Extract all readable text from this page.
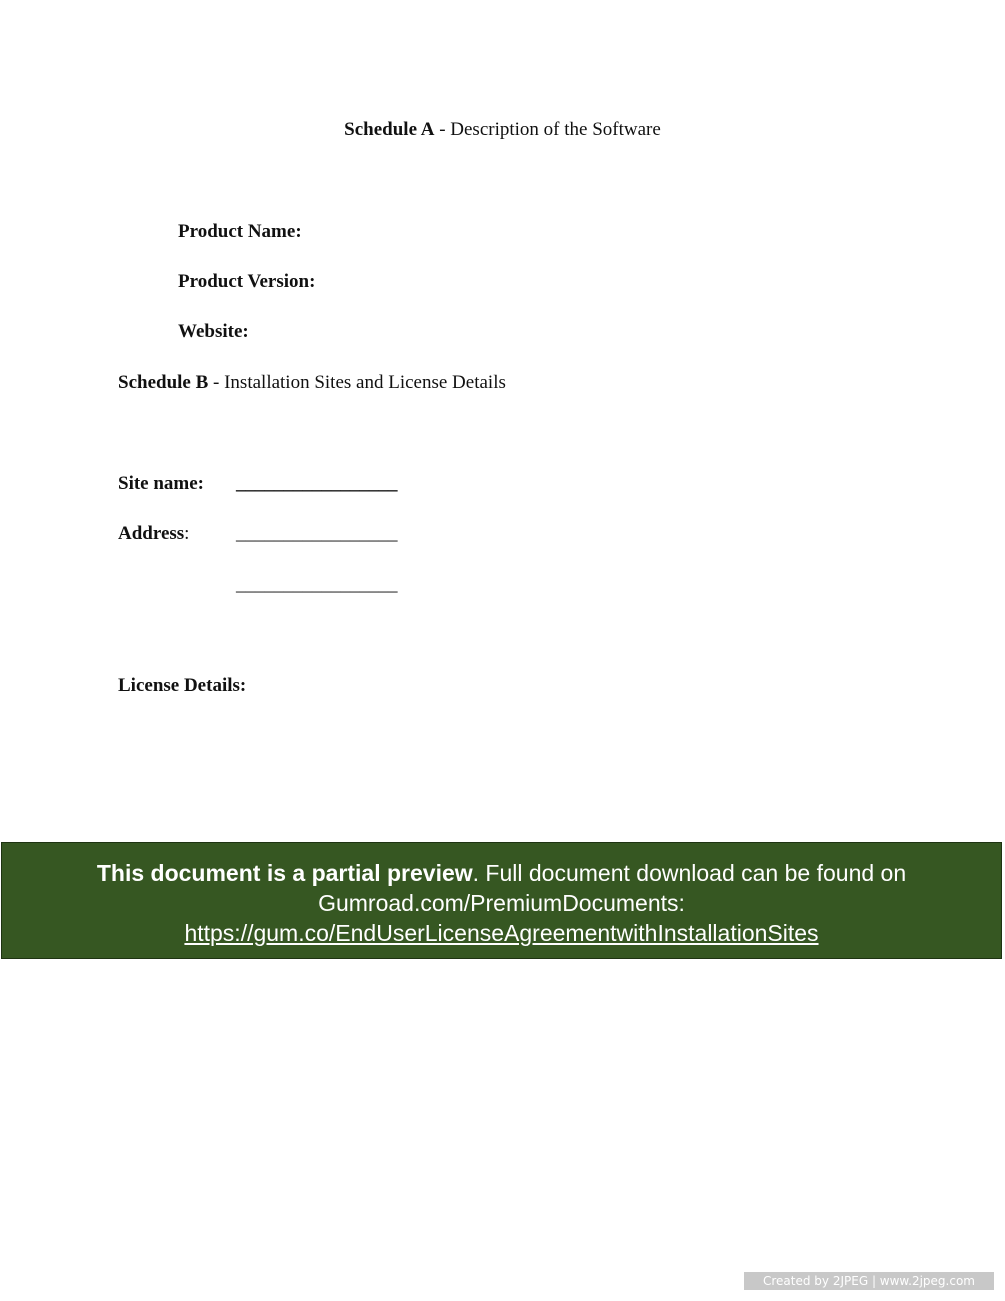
Schedule A - Description of the Software
Product Name:
Product Version:
Website:
Schedule B - Installation Sites and License Details
Site name: _________________
Address: _________________
_________________
License Details:
This document is a partial preview. Full document download can be found on
Gumroad.com/PremiumDocuments:
https://gum.co/EndUserLicenseAgreementwithInstallationSites
Created by 2JPEG | www.2jpeg.com
